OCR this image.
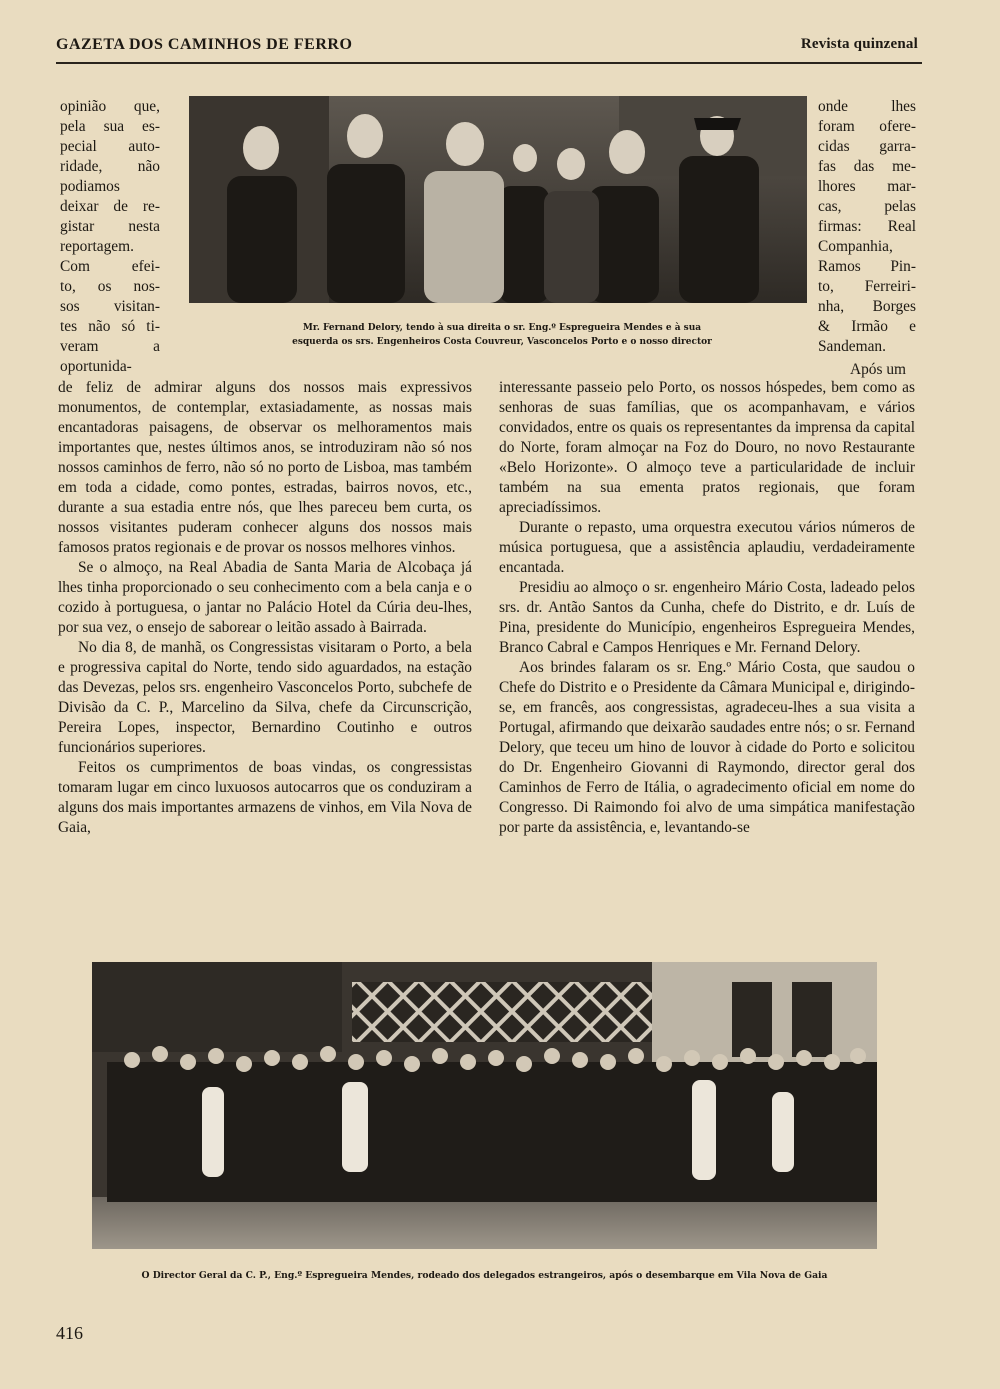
GAZETA DOS CAMINHOS DE FERRO	Revista quinzenal
opinião que,
pela sua es-
pecial auto-
ridade, não
podiamos
deixar de re-
gistar nesta
reportagem.
Com efei-
to, os nos-
sos visitan-
tes não só ti-
veram a
oportunida-
onde lhes
foram ofere-
cidas garra-
fas das me-
lhores mar-
cas, pelas
firmas: Real
Companhia,
Ramos Pin-
to, Ferreiri-
nha, Borges
& Irmão e
Sandeman.
Mr. Fernand Delory, tendo à sua direita o sr. Eng.º Espregueira Mendes e à sua
esquerda os srs. Engenheiros Costa Couvreur, Vasconcelos Porto e o nosso director
Após um

de feliz de admirar alguns dos nossos mais expressivos monumentos, de contemplar, extasiadamente, as nossas mais encantadoras paisagens, de observar os melhoramentos mais importantes que, nestes últimos anos, se introduziram não só nos nossos caminhos de ferro, não só no porto de Lisboa, mas também em toda a cidade, como pontes, estradas, bairros novos, etc., durante a sua estadia entre nós, que lhes pareceu bem curta, os nossos visitantes puderam conhecer alguns dos nossos mais famosos pratos regionais e de provar os nossos melhores vinhos.

Se o almoço, na Real Abadia de Santa Maria de Alcobaça já lhes tinha proporcionado o seu conhecimento com a bela canja e o cozido à portuguesa, o jantar no Palácio Hotel da Cúria deu-lhes, por sua vez, o ensejo de saborear o leitão assado à Bairrada.

No dia 8, de manhã, os Congressistas visitaram o Porto, a bela e progressiva capital do Norte, tendo sido aguardados, na estação das Devezas, pelos srs. engenheiro Vasconcelos Porto, subchefe de Divisão da C. P., Marcelino da Silva, chefe da Circunscrição, Pereira Lopes, inspector, Bernardino Coutinho e outros funcionários superiores.

Feitos os cumprimentos de boas vindas, os congressistas tomaram lugar em cinco luxuosos autocarros que os conduziram a alguns dos mais importantes armazens de vinhos, em Vila Nova de Gaia,

interessante passeio pelo Porto, os nossos hóspedes, bem como as senhoras de suas famílias, que os acompanhavam, e vários convidados, entre os quais os representantes da imprensa da capital do Norte, foram almoçar na Foz do Douro, no novo Restaurante «Belo Horizonte». O almoço teve a particularidade de incluir também na sua ementa pratos regionais, que foram apreciadíssimos.

Durante o repasto, uma orquestra executou vários números de música portuguesa, que a assistência aplaudiu, verdadeiramente encantada.

Presidiu ao almoço o sr. engenheiro Mário Costa, ladeado pelos srs. dr. Antão Santos da Cunha, chefe do Distrito, e dr. Luís de Pina, presidente do Município, engenheiros Espregueira Mendes, Branco Cabral e Campos Henriques e Mr. Fernand Delory.

Aos brindes falaram os sr. Eng.º Mário Costa, que saudou o Chefe do Distrito e o Presidente da Câmara Municipal e, dirigindo-se, em francês, aos congressistas, agradeceu-lhes a sua visita a Portugal, afirmando que deixarão saudades entre nós; o sr. Fernand Delory, que teceu um hino de louvor à cidade do Porto e solicitou do Dr. Engenheiro Giovanni di Raymondo, director geral dos Caminhos de Ferro de Itália, o agradecimento oficial em nome do Congresso. Di Raimondo foi alvo de uma simpática manifestação por parte da assistência, e, levantando-se

O Director Geral da C. P., Eng.º Espregueira Mendes, rodeado dos delegados estrangeiros, após o desembarque em Vila Nova de Gaia
416
